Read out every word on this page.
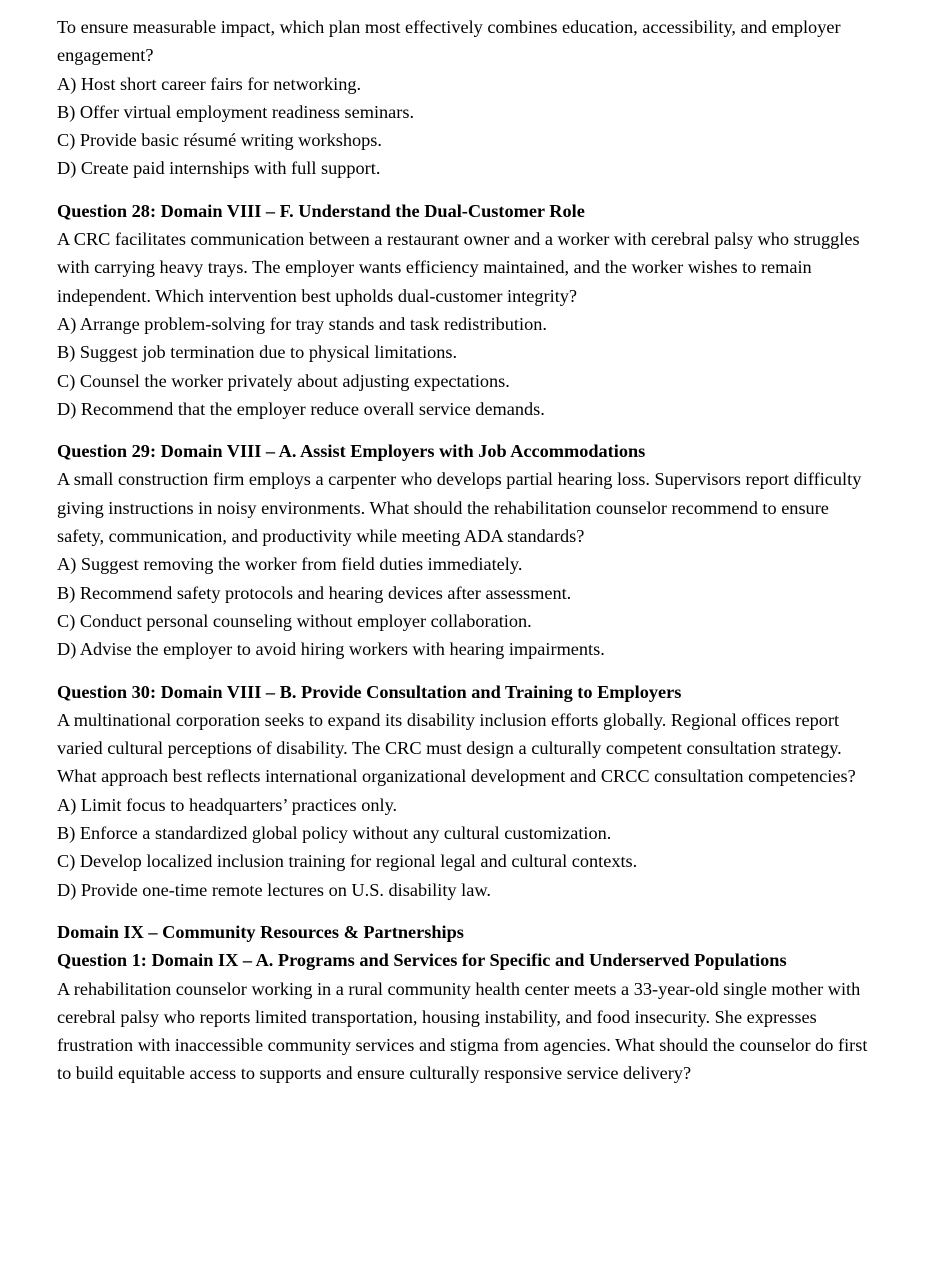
To ensure measurable impact, which plan most effectively combines education, accessibility, and employer engagement?

A) Host short career fairs for networking.

B) Offer virtual employment readiness seminars.

C) Provide basic résumé writing workshops.

D) Create paid internships with full support.

Question 28: Domain VIII – F. Understand the Dual-Customer Role

A CRC facilitates communication between a restaurant owner and a worker with cerebral palsy who struggles with carrying heavy trays. The employer wants efficiency maintained, and the worker wishes to remain independent. Which intervention best upholds dual-customer integrity?

A) Arrange problem-solving for tray stands and task redistribution.

B) Suggest job termination due to physical limitations.

C) Counsel the worker privately about adjusting expectations.

D) Recommend that the employer reduce overall service demands.

Question 29: Domain VIII – A. Assist Employers with Job Accommodations

A small construction firm employs a carpenter who develops partial hearing loss. Supervisors report difficulty giving instructions in noisy environments. What should the rehabilitation counselor recommend to ensure safety, communication, and productivity while meeting ADA standards?

A) Suggest removing the worker from field duties immediately.

B) Recommend safety protocols and hearing devices after assessment.

C) Conduct personal counseling without employer collaboration.

D) Advise the employer to avoid hiring workers with hearing impairments.

Question 30: Domain VIII – B. Provide Consultation and Training to Employers

A multinational corporation seeks to expand its disability inclusion efforts globally. Regional offices report varied cultural perceptions of disability. The CRC must design a culturally competent consultation strategy. What approach best reflects international organizational development and CRCC consultation competencies?

A) Limit focus to headquarters’ practices only.

B) Enforce a standardized global policy without any cultural customization.

C) Develop localized inclusion training for regional legal and cultural contexts.

D) Provide one-time remote lectures on U.S. disability law.

Domain IX – Community Resources & Partnerships

Question 1: Domain IX – A. Programs and Services for Specific and Underserved Populations

A rehabilitation counselor working in a rural community health center meets a 33-year-old single mother with cerebral palsy who reports limited transportation, housing instability, and food insecurity. She expresses frustration with inaccessible community services and stigma from agencies. What should the counselor do first to build equitable access to supports and ensure culturally responsive service delivery?
